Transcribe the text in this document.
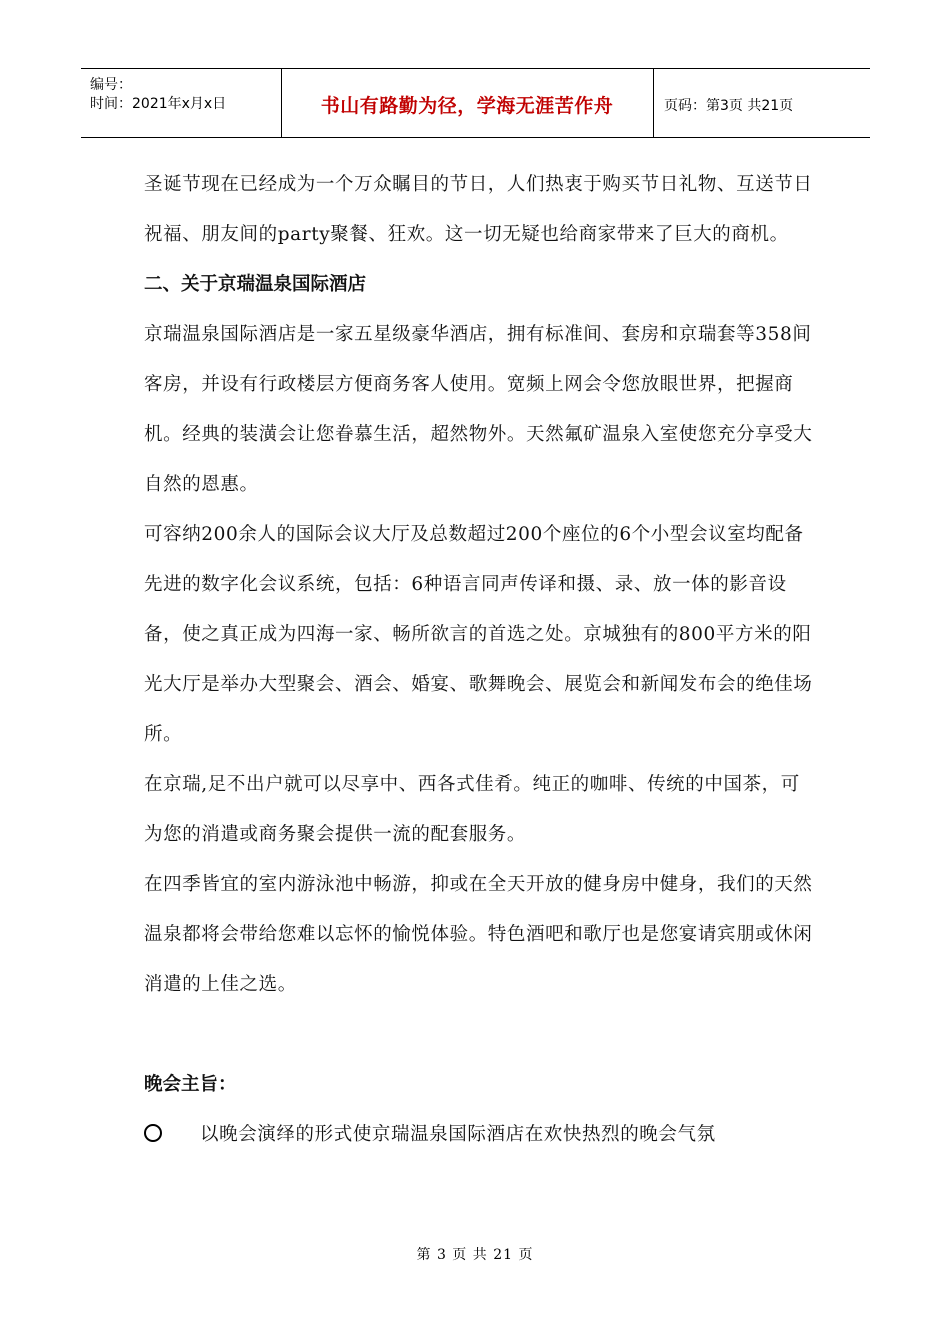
编号：
时间：2021年x月x日	书山有路勤为径，学海无涯苦作舟	页码：第3页 共21页

圣诞节现在已经成为一个万众瞩目的节日，人们热衷于购买节日礼物、互送节日祝福、朋友间的party聚餐、狂欢。这一切无疑也给商家带来了巨大的商机。

二、关于京瑞温泉国际酒店

京瑞温泉国际酒店是一家五星级豪华酒店，拥有标准间、套房和京瑞套等358间客房，并设有行政楼层方便商务客人使用。宽频上网会令您放眼世界，把握商机。经典的装潢会让您眷慕生活，超然物外。天然氟矿温泉入室使您充分享受大自然的恩惠。

可容纳200余人的国际会议大厅及总数超过200个座位的6个小型会议室均配备先进的数字化会议系统，包括：6种语言同声传译和摄、录、放一体的影音设备，使之真正成为四海一家、畅所欲言的首选之处。京城独有的800平方米的阳光大厅是举办大型聚会、酒会、婚宴、歌舞晚会、展览会和新闻发布会的绝佳场所。

在京瑞,足不出户就可以尽享中、西各式佳肴。纯正的咖啡、传统的中国茶，可为您的消遣或商务聚会提供一流的配套服务。

在四季皆宜的室内游泳池中畅游，抑或在全天开放的健身房中健身，我们的天然温泉都将会带给您难以忘怀的愉悦体验。特色酒吧和歌厅也是您宴请宾朋或休闲消遣的上佳之选。

晚会主旨：

以晚会演绎的形式使京瑞温泉国际酒店在欢快热烈的晚会气氛
第 3 页 共 21 页
